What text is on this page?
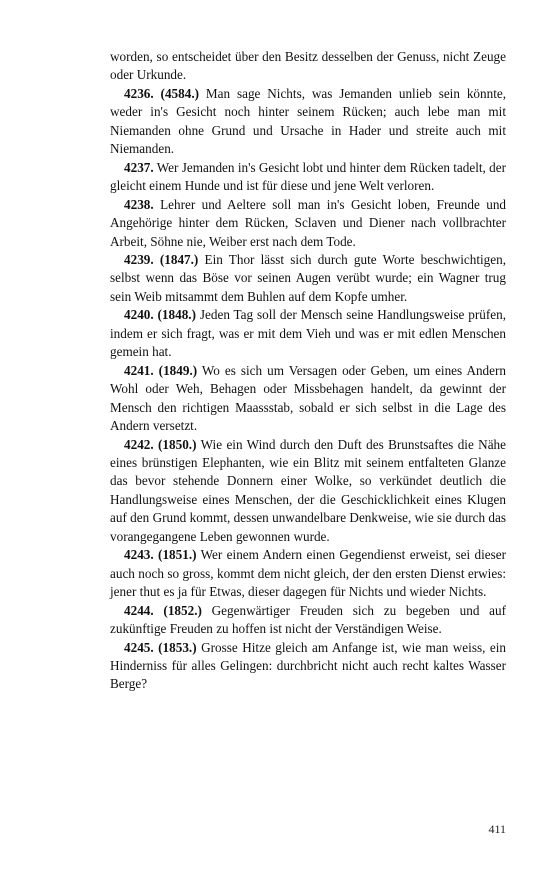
worden, so entscheidet über den Besitz desselben der Genuss, nicht Zeuge oder Urkunde.

4236. (4584.) Man sage Nichts, was Jemanden unlieb sein könnte, weder in's Gesicht noch hinter seinem Rücken; auch lebe man mit Niemanden ohne Grund und Ursache in Hader und streite auch mit Niemanden.

4237. Wer Jemanden in's Gesicht lobt und hinter dem Rücken tadelt, der gleicht einem Hunde und ist für diese und jene Welt verloren.

4238. Lehrer und Aeltere soll man in's Gesicht loben, Freunde und Angehörige hinter dem Rücken, Sclaven und Diener nach vollbrachter Arbeit, Söhne nie, Weiber erst nach dem Tode.

4239. (1847.) Ein Thor lässt sich durch gute Worte beschwichtigen, selbst wenn das Böse vor seinen Augen verübt wurde; ein Wagner trug sein Weib mitsammt dem Buhlen auf dem Kopfe umher.

4240. (1848.) Jeden Tag soll der Mensch seine Handlungsweise prüfen, indem er sich fragt, was er mit dem Vieh und was er mit edlen Menschen gemein hat.

4241. (1849.) Wo es sich um Versagen oder Geben, um eines Andern Wohl oder Weh, Behagen oder Missbehagen handelt, da gewinnt der Mensch den richtigen Maassstab, sobald er sich selbst in die Lage des Andern versetzt.

4242. (1850.) Wie ein Wind durch den Duft des Brunstsaftes die Nähe eines brünstigen Elephanten, wie ein Blitz mit seinem entfalteten Glanze das bevor stehende Donnern einer Wolke, so verkündet deutlich die Handlungsweise eines Menschen, der die Geschicklichkeit eines Klugen auf den Grund kommt, dessen unwandelbare Denkweise, wie sie durch das vorangegangene Leben gewonnen wurde.

4243. (1851.) Wer einem Andern einen Gegendienst erweist, sei dieser auch noch so gross, kommt dem nicht gleich, der den ersten Dienst erwies: jener thut es ja für Etwas, dieser dagegen für Nichts und wieder Nichts.

4244. (1852.) Gegenwärtiger Freuden sich zu begeben und auf zukünftige Freuden zu hoffen ist nicht der Verständigen Weise.

4245. (1853.) Grosse Hitze gleich am Anfange ist, wie man weiss, ein Hinderniss für alles Gelingen: durchbricht nicht auch recht kaltes Wasser Berge?

411
